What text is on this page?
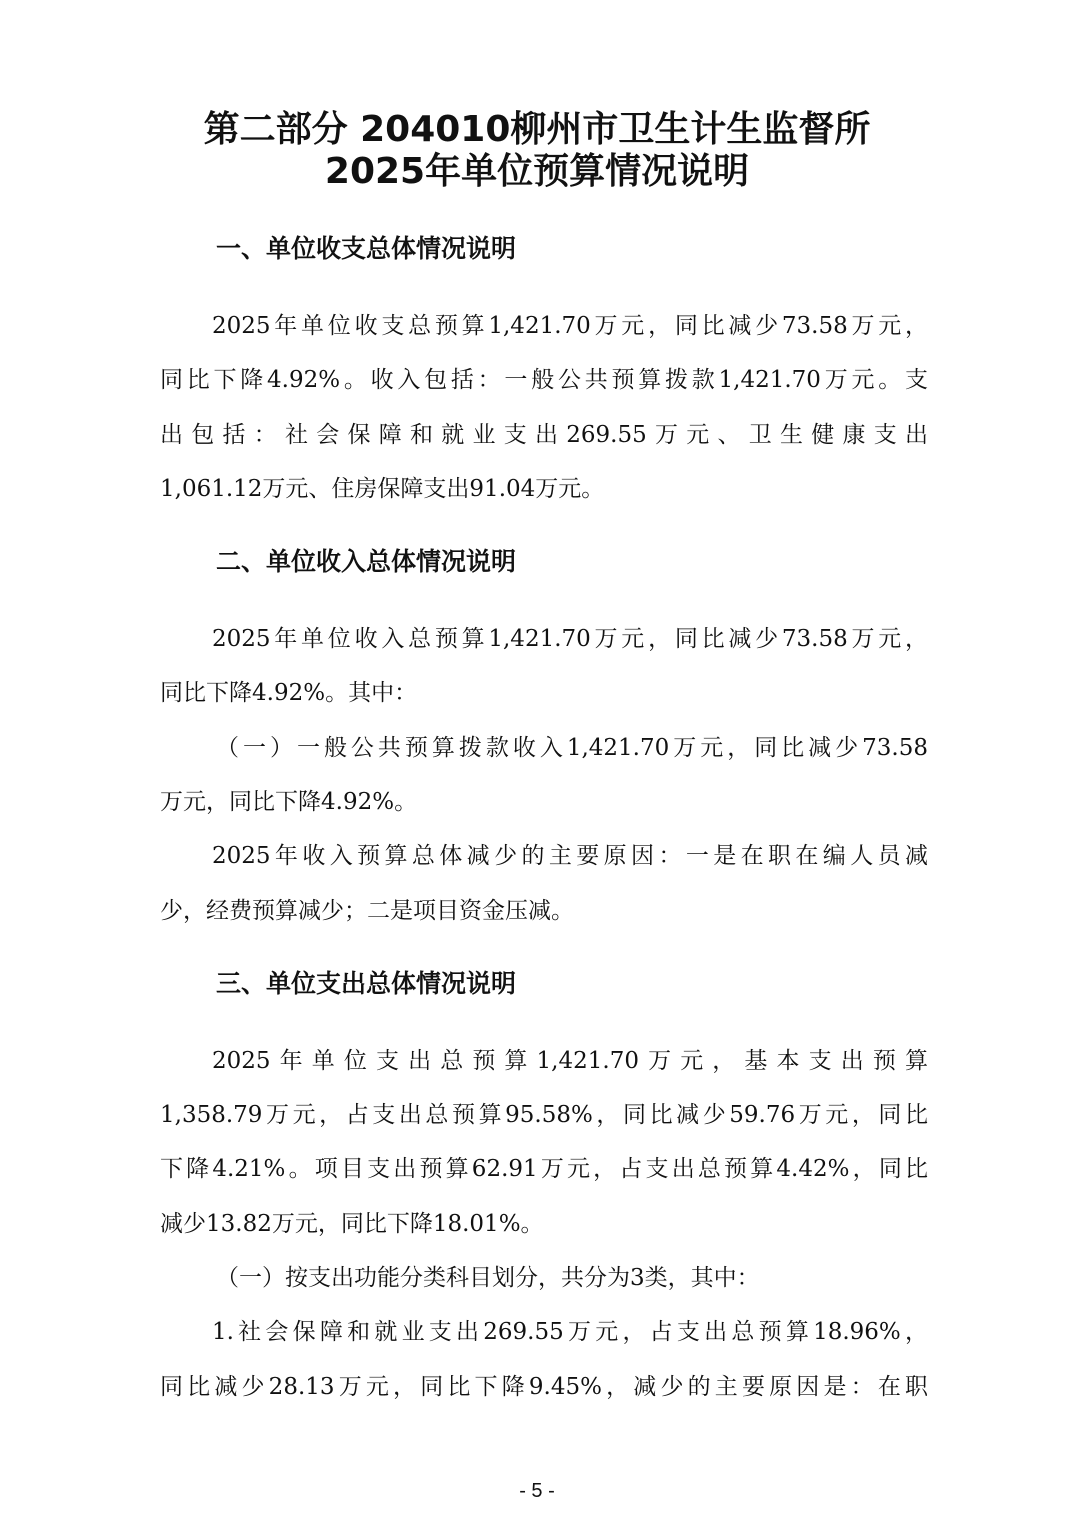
第二部分 204010柳州市卫生计生监督所
2025年单位预算情况说明
一、单位收支总体情况说明
2025年单位收支总预算1,421.70万元，同比减少73.58万元，
同比下降4.92%。收入包括：一般公共预算拨款1,421.70万元。支
出包括：社会保障和就业支出269.55万元、卫生健康支出
1,061.12万元、住房保障支出91.04万元。
二、单位收入总体情况说明
2025年单位收入总预算1,421.70万元，同比减少73.58万元，
同比下降4.92%。其中：
（一）一般公共预算拨款收入1,421.70万元，同比减少73.58
万元，同比下降4.92%。
2025年收入预算总体减少的主要原因：一是在职在编人员减
少，经费预算减少；二是项目资金压减。
三、单位支出总体情况说明
2025年单位支出总预算1,421.70万元，基本支出预算
1,358.79万元，占支出总预算95.58%，同比减少59.76万元，同比
下降4.21%。项目支出预算62.91万元，占支出总预算4.42%，同比
减少13.82万元，同比下降18.01%。
（一）按支出功能分类科目划分，共分为3类，其中：
1.社会保障和就业支出269.55万元，占支出总预算18.96%，
同比减少28.13万元，同比下降9.45%，减少的主要原因是：在职
- 5 -
